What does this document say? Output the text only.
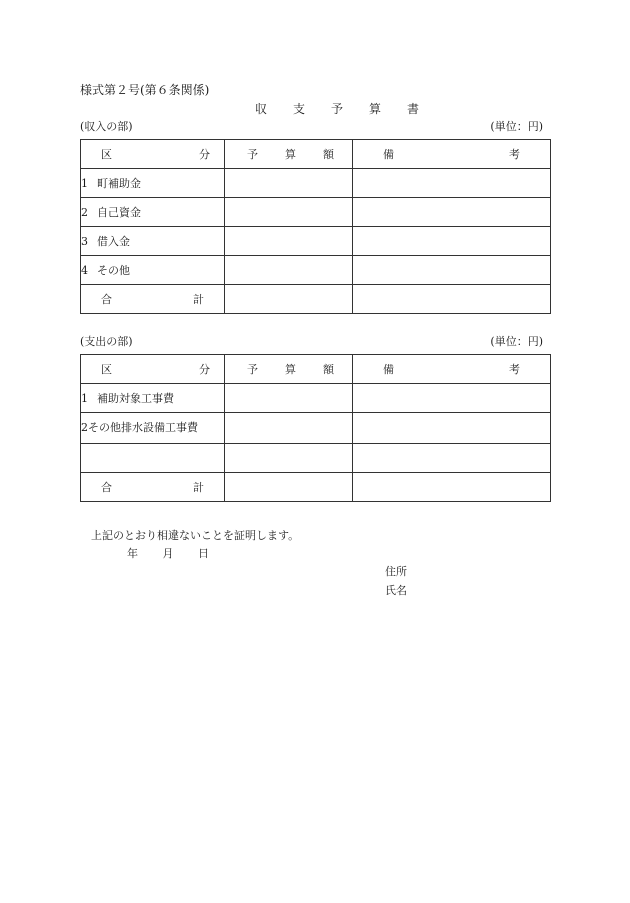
様式第２号(第６条関係)
収 支 予 算 書
(収入の部)	(単位：円)
区 分	予 算 額	備 考

1 町補助金		
2 自己資金		
3 借入金		
4 その他		

合 計		

(支出の部)	(単位：円)
区 分	予 算 額	備 考

1 補助対象工事費		
2その他排水設備工事費		

合 計		

上記のとおり相違ないことを証明します。
年 月 日
住所
氏名
